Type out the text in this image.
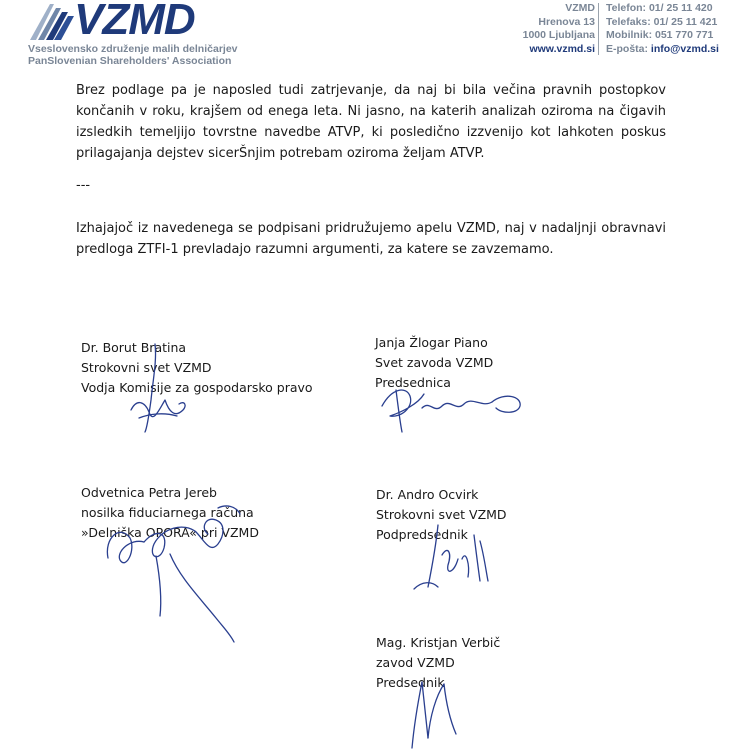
VZMD
Vseslovensko združenje malih delničarjev
PanSlovenian Shareholders' Association
VZMD
Hrenova 13
1000 Ljubljana
www.vzmd.si
Telefon: 01/ 25 11 420
Telefaks: 01/ 25 11 421
Mobilnik: 051 770 771
E-pošta: info@vzmd.si
Brez podlage pa je naposled tudi zatrjevanje, da naj bi bila večina pravnih postopkov končanih v roku, krajšem od enega leta. Ni jasno, na katerih analizah oziroma na čigavih izsledkih temeljijo tovrstne navedbe ATVP, ki posledično izzvenijo kot lahkoten poskus prilagajanja dejstev sicerŠnjim potrebam oziroma željam ATVP.
---
Izhajajoč iz navedenega se podpisani pridružujemo apelu VZMD, naj v nadaljnji obravnavi predloga ZTFI-1 prevladajo razumni argumenti, za katere se zavzemamo.
Dr. Borut Bratina
Strokovni svet VZMD
Vodja Komisije za gospodarsko pravo
Janja Žlogar Piano
Svet zavoda VZMD
Predsednica
Odvetnica Petra Jereb
nosilka fiduciarnega računa
»Delniška OPORA« pri VZMD
Dr. Andro Ocvirk
Strokovni svet VZMD
Podpredsednik
Mag. Kristjan Verbič
zavod VZMD
Predsednik
